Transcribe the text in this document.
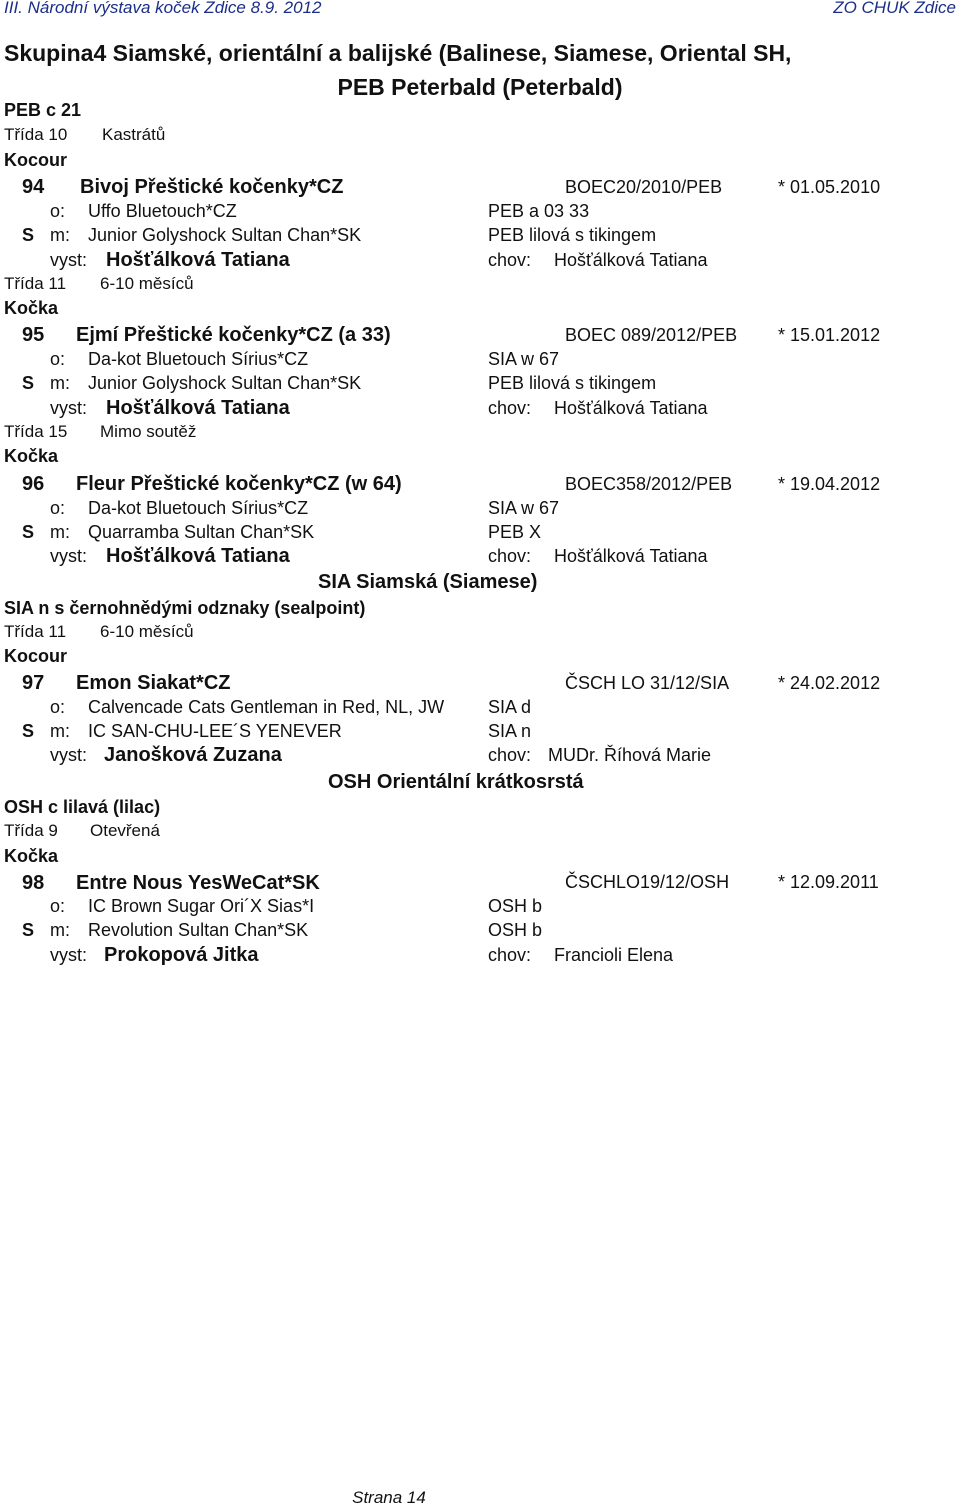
III. Národní výstava koček Zdice 8.9. 2012	ZO CHUK Zdice
Skupina4 Siamské, orientální a balijské (Balinese, Siamese, Oriental SH,
PEB Peterbald (Peterbald)
PEB c 21
Třída 10 Kastrátů
Kocour
94 Bivoj Přeštické kočenky*CZ	BOEC20/2010/PEB	* 01.05.2010
o: Uffo Bluetouch*CZ	PEB a 03 33
S m: Junior Golyshock Sultan Chan*SK	PEB lilová s tikingem
vyst: Hošťálková Tatiana	chov: Hošťálková Tatiana
Třída 11 6-10 měsíců
Kočka
95 Ejmí Přeštické kočenky*CZ (a 33)	BOEC 089/2012/PEB * 15.01.2012
o: Da-kot Bluetouch Sírius*CZ	SIA w 67
S m: Junior Golyshock Sultan Chan*SK	PEB lilová s tikingem
vyst: Hošťálková Tatiana	chov: Hošťálková Tatiana
Třída 15 Mimo soutěž
Kočka
96 Fleur Přeštické kočenky*CZ (w 64)	BOEC358/2012/PEB	* 19.04.2012
o: Da-kot Bluetouch Sírius*CZ	SIA w 67
S m: Quarramba Sultan Chan*SK	PEB X
vyst: Hošťálková Tatiana	chov: Hošťálková Tatiana
SIA Siamská (Siamese)
SIA n s černohnědými odznaky (sealpoint)
Třída 11 6-10 měsíců
Kocour
97 Emon Siakat*CZ	ČSCH LO 31/12/SIA	* 24.02.2012
o: Calvencade Cats Gentleman in Red, NL, JW SIA d
S m: IC SAN-CHU-LEE´S YENEVER	SIA n
vyst: Janošková Zuzana	chov: MUDr. Říhová Marie
OSH Orientální krátkosrstá
OSH c lilavá (lilac)
Třída 9 Otevřená
Kočka
98 Entre Nous YesWeCat*SK	ČSCHLO19/12/OSH	* 12.09.2011
o: IC Brown Sugar Ori´X Sias*I	OSH b
S m: Revolution Sultan Chan*SK	OSH b
vyst: Prokopová Jitka	chov: Francioli Elena
Strana 14
